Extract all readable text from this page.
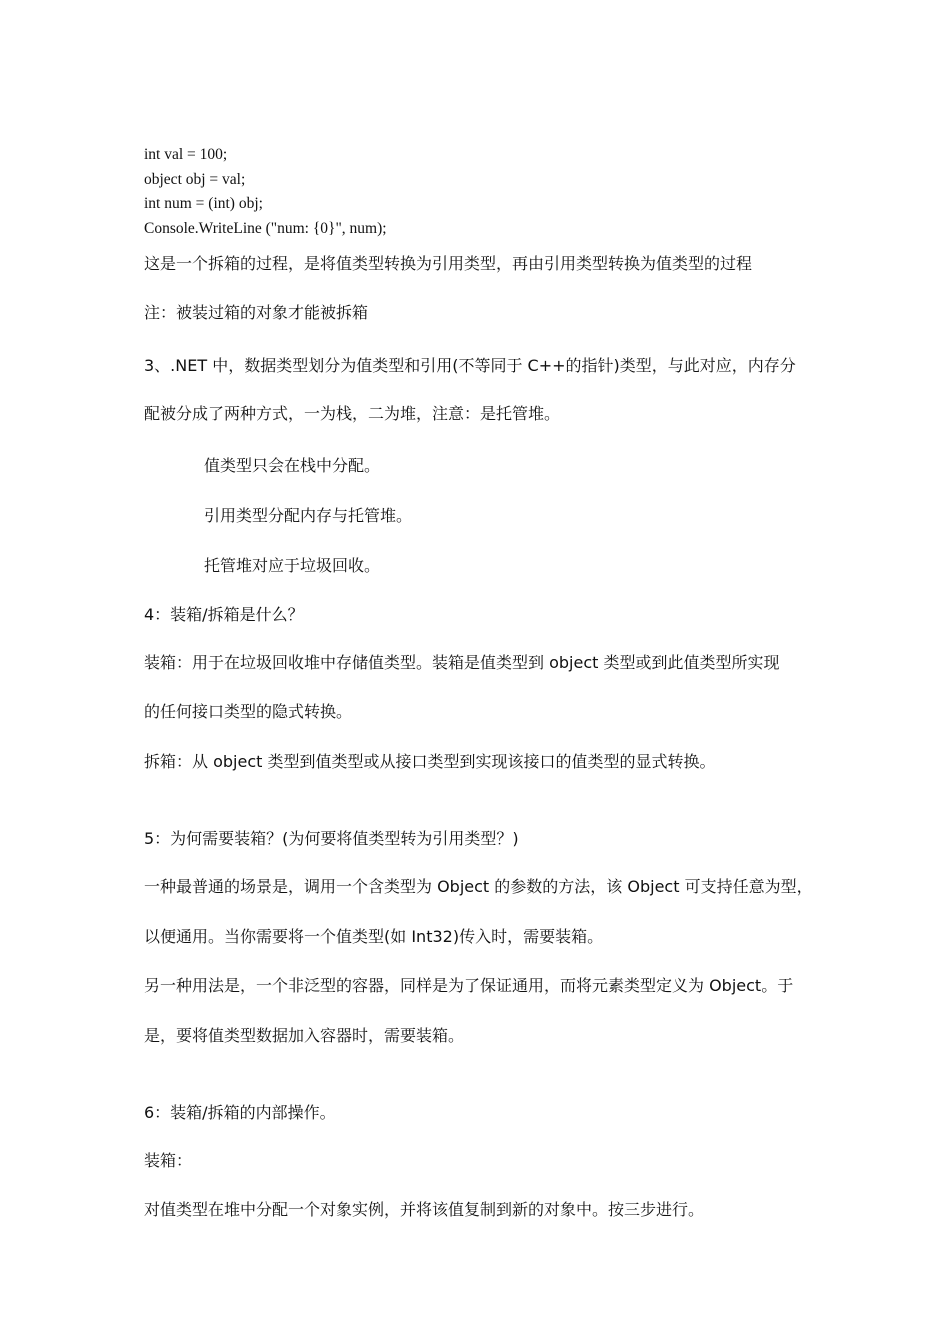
int val = 100;
object obj = val;
int num = (int) obj;
Console.WriteLine ("num: {0}", num);
这是一个拆箱的过程，是将值类型转换为引用类型，再由引用类型转换为值类型的过程
注：被装过箱的对象才能被拆箱
3、.NET 中，数据类型划分为值类型和引用(不等同于 C++的指针)类型，与此对应，内存分
配被分成了两种方式，一为栈，二为堆，注意：是托管堆。
值类型只会在栈中分配。
引用类型分配内存与托管堆。
托管堆对应于垃圾回收。
4：装箱/拆箱是什么？
装箱：用于在垃圾回收堆中存储值类型。装箱是值类型到 object 类型或到此值类型所实现
的任何接口类型的隐式转换。
拆箱：从 object 类型到值类型或从接口类型到实现该接口的值类型的显式转换。
5：为何需要装箱？(为何要将值类型转为引用类型？)
一种最普通的场景是，调用一个含类型为 Object 的参数的方法，该 Object 可支持任意为型，
以便通用。当你需要将一个值类型(如 Int32)传入时，需要装箱。
另一种用法是，一个非泛型的容器，同样是为了保证通用，而将元素类型定义为 Object。于
是，要将值类型数据加入容器时，需要装箱。
6：装箱/拆箱的内部操作。
装箱：
对值类型在堆中分配一个对象实例，并将该值复制到新的对象中。按三步进行。
